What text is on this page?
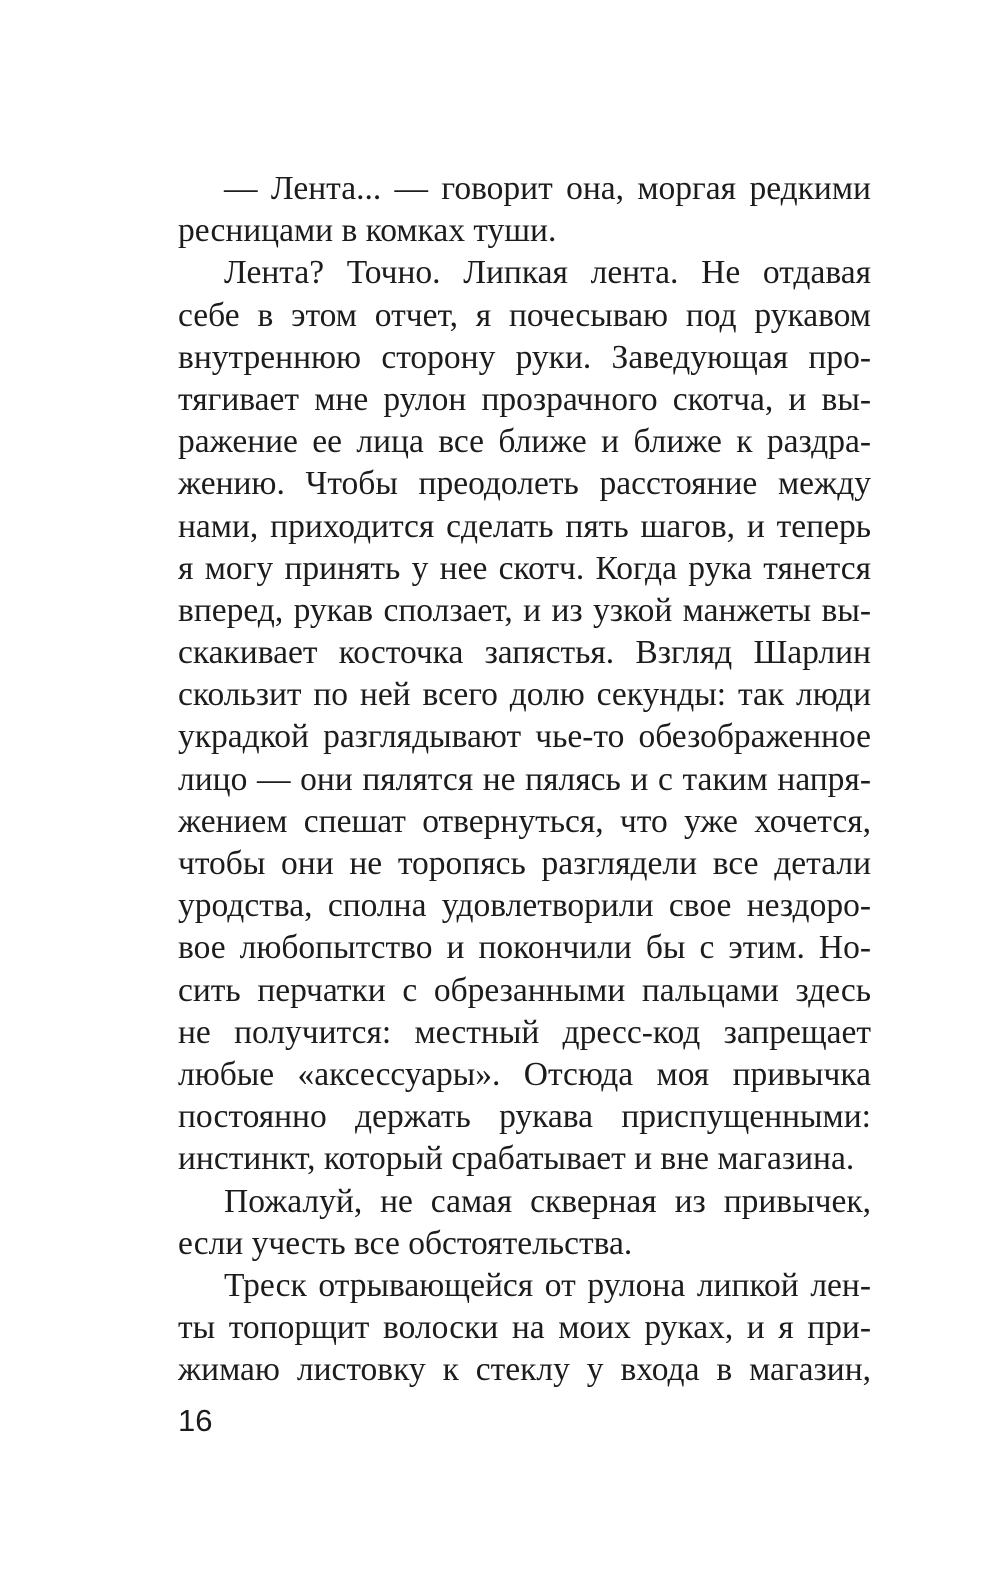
— Лента... — говорит она, моргая редкими
ресницами в комках туши.
Лента? Точно. Липкая лента. Не отдавая
себе в этом отчет, я почесываю под рукавом
внутреннюю сторону руки. Заведующая про-
тягивает мне рулон прозрачного скотча, и вы-
ражение ее лица все ближе и ближе к раздра-
жению. Чтобы преодолеть расстояние между
нами, приходится сделать пять шагов, и теперь
я могу принять у нее скотч. Когда рука тянется
вперед, рукав сползает, и из узкой манжеты вы-
скакивает косточка запястья. Взгляд Шарлин
скользит по ней всего долю секунды: так люди
украдкой разглядывают чье-то обезображенное
лицо — они пялятся не пялясь и с таким напря-
жением спешат отвернуться, что уже хочется,
чтобы они не торопясь разглядели все детали
уродства, сполна удовлетворили свое нездоро-
вое любопытство и покончили бы с этим. Но-
сить перчатки с обрезанными пальцами здесь
не получится: местный дресс-код запрещает
любые «аксессуары». Отсюда моя привычка
постоянно держать рукава приспущенными:
инстинкт, который срабатывает и вне магазина.
Пожалуй, не самая скверная из привычек,
если учесть все обстоятельства.
Треск отрывающейся от рулона липкой лен-
ты топорщит волоски на моих руках, и я при-
жимаю листовку к стеклу у входа в магазин,
16
